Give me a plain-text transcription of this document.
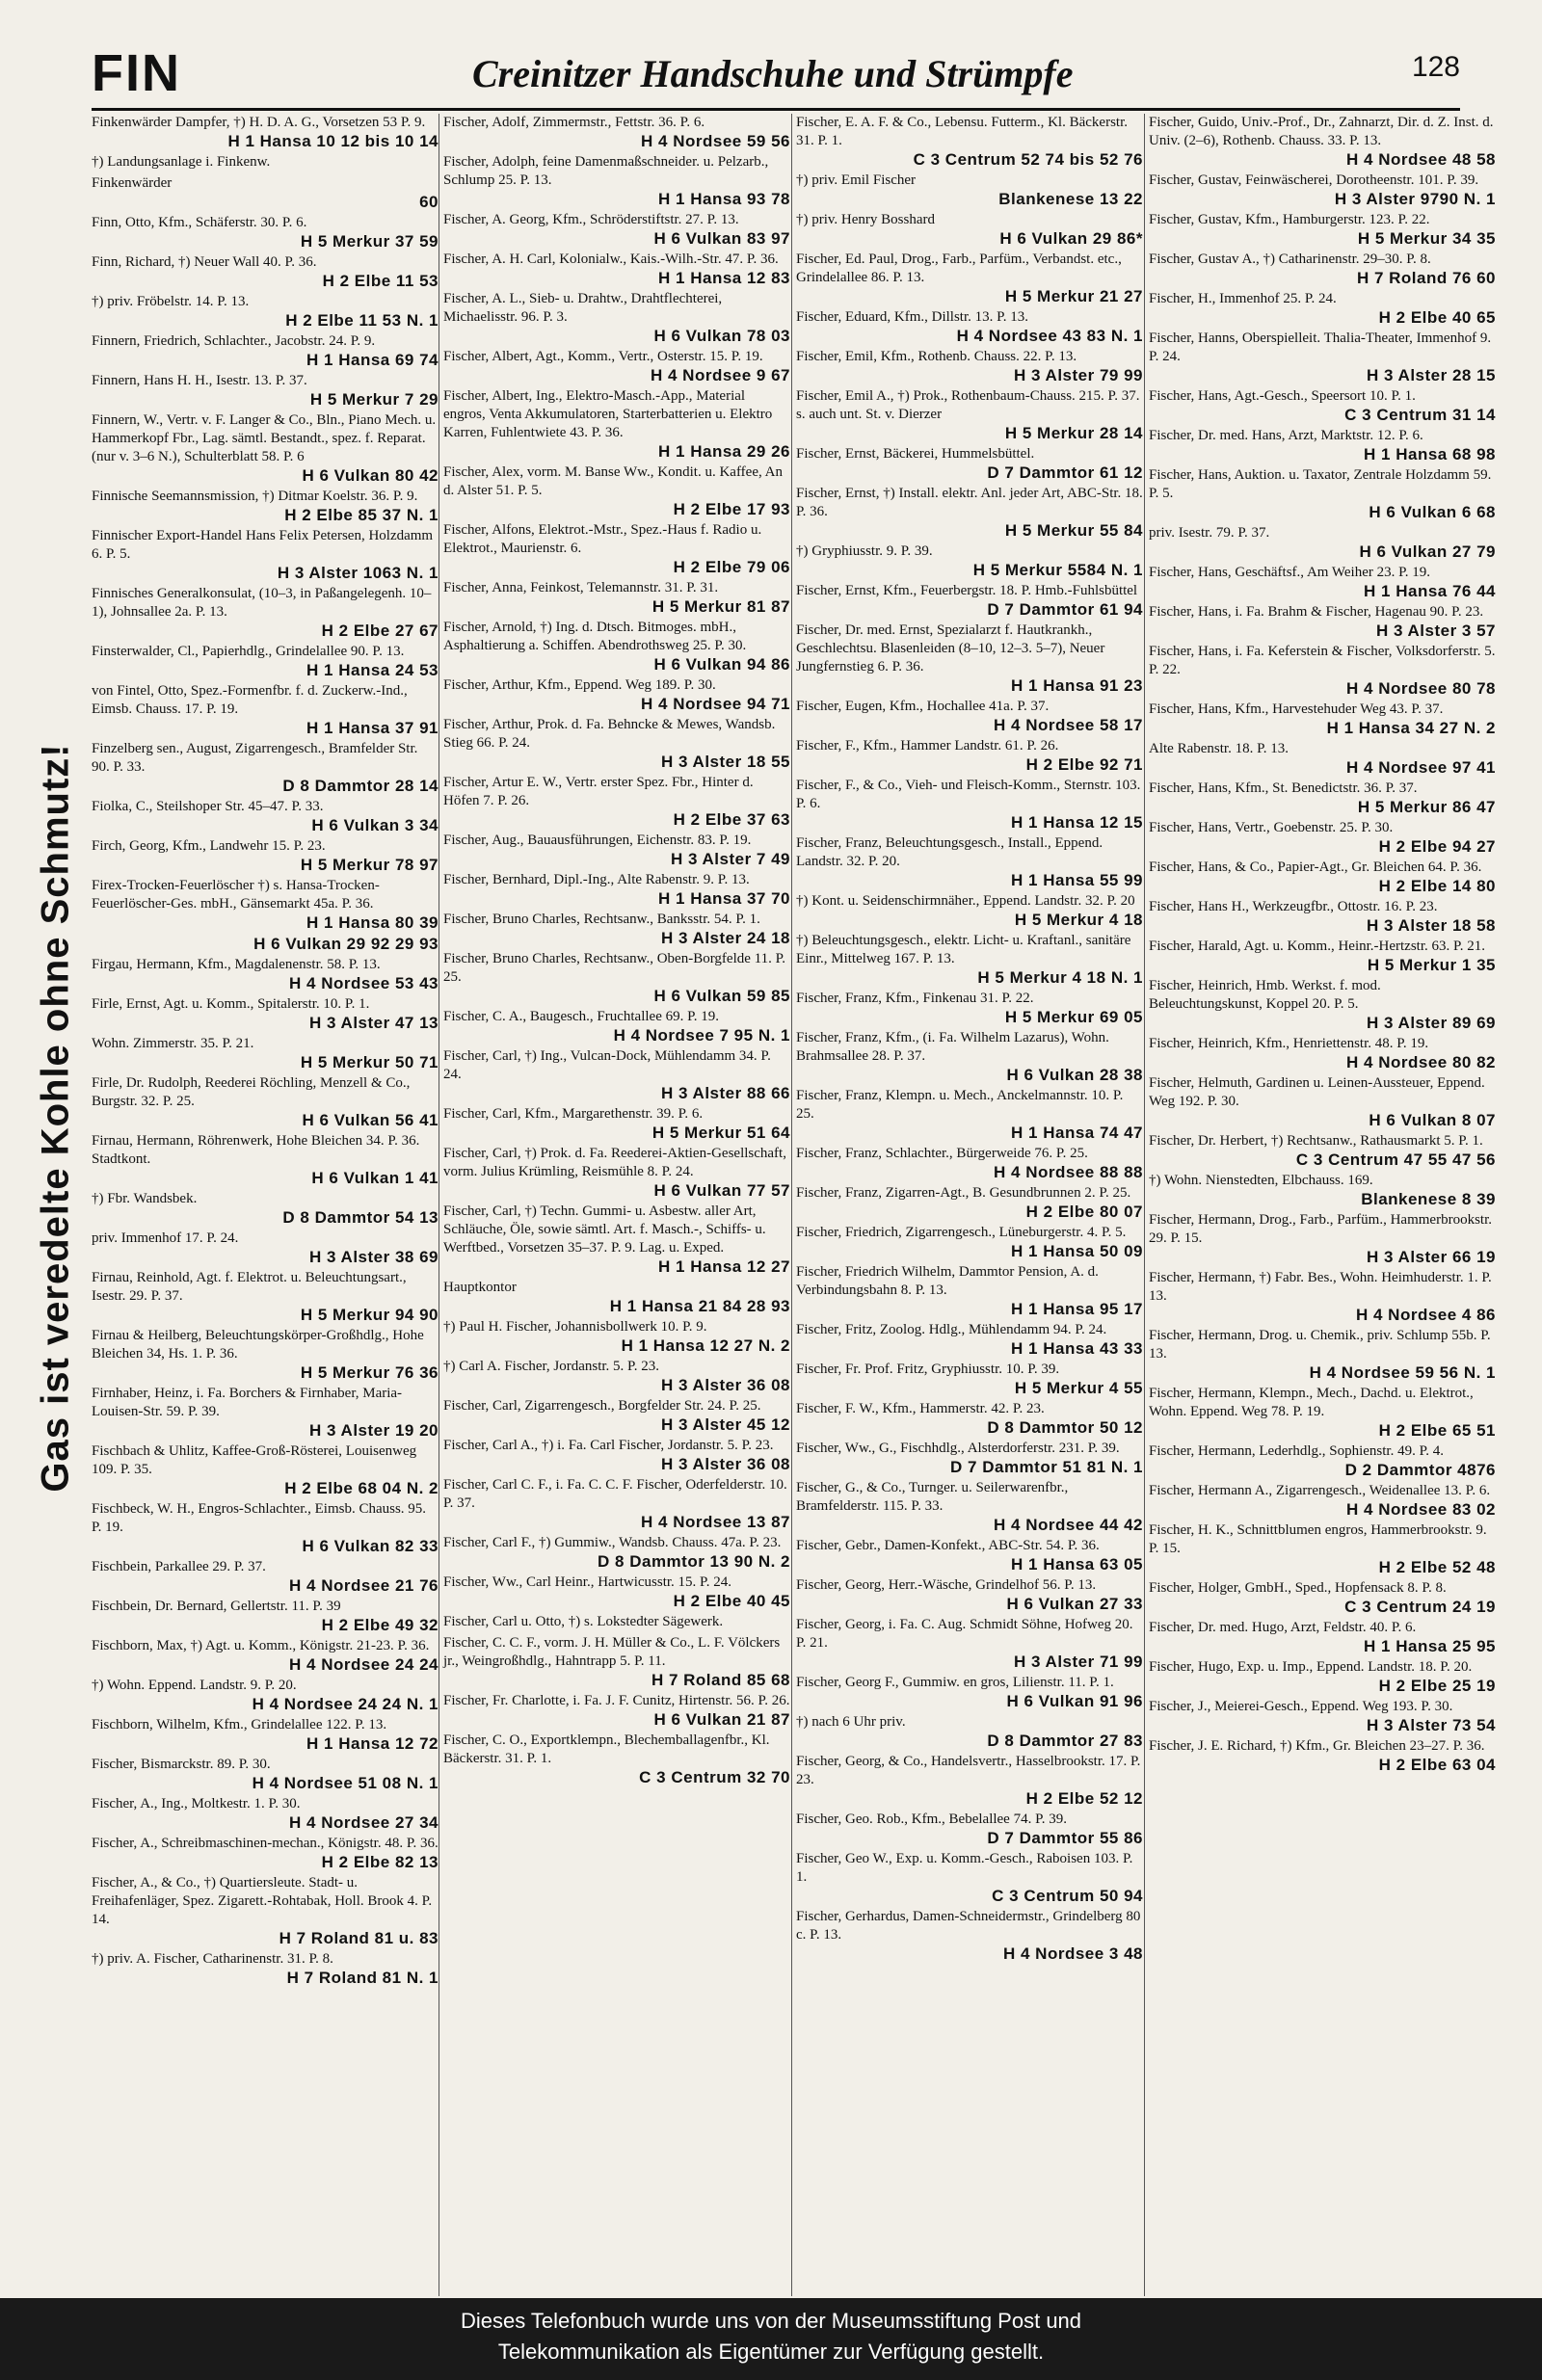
FIN	Creinitzer Handschuhe und Strümpfe	128
Gas ist veredelte Kohle ohne Schmutz!
Finkenwärder Dampfer, †) H. D. A. G., Vorsetzen 53 P. 9.
H 1 Hansa 10 12 bis 10 14
†) Landungsanlage i. Finkenw.
Finkenwärder
60
Finn, Otto, Kfm., Schäferstr. 30. P. 6.
H 5 Merkur 37 59
Finn, Richard, †) Neuer Wall 40. P. 36.
H 2 Elbe 11 53
†) priv. Fröbelstr. 14. P. 13.
H 2 Elbe 11 53 N. 1
Finnern, Friedrich, Schlachter., Jacobstr. 24. P. 9.
H 1 Hansa 69 74
Finnern, Hans H. H., Isestr. 13. P. 37.
H 5 Merkur 7 29
Finnern, W., Vertr. v. F. Langer & Co., Bln., Piano Mech. u. Hammerkopf Fbr., Lag. sämtl. Bestandt., spez. f. Reparat. (nur v. 3–6 N.), Schulterblatt 58. P. 6
H 6 Vulkan 80 42
Finnische Seemannsmission, †) Ditmar Koelstr. 36. P. 9.
H 2 Elbe 85 37 N. 1
Finnischer Export-Handel Hans Felix Petersen, Holzdamm 6. P. 5.
H 3 Alster 1063 N. 1
Finnisches Generalkonsulat, (10–3, in Paßangelegenh. 10–1), Johnsallee 2a. P. 13.
H 2 Elbe 27 67
Finsterwalder, Cl., Papierhdlg., Grindelallee 90. P. 13.
H 1 Hansa 24 53
von Fintel, Otto, Spez.-Formenfbr. f. d. Zuckerw.-Ind., Eimsb. Chauss. 17. P. 19.
H 1 Hansa 37 91
Finzelberg sen., August, Zigarrengesch., Bramfelder Str. 90. P. 33.
D 8 Dammtor 28 14
Fiolka, C., Steilshoper Str. 45–47. P. 33.
H 6 Vulkan 3 34
Firch, Georg, Kfm., Landwehr 15. P. 23.
H 5 Merkur 78 97
Firex-Trocken-Feuerlöscher †) s. Hansa-Trocken-Feuerlöscher-Ges. mbH., Gänsemarkt 45a. P. 36.
H 1 Hansa 80 39
H 6 Vulkan 29 92 29 93
Firgau, Hermann, Kfm., Magdalenenstr. 58. P. 13.
H 4 Nordsee 53 43
Firle, Ernst, Agt. u. Komm., Spitalerstr. 10. P. 1.
H 3 Alster 47 13
Wohn. Zimmerstr. 35. P. 21.
H 5 Merkur 50 71
Firle, Dr. Rudolph, Reederei Röchling, Menzell & Co., Burgstr. 32. P. 25.
H 6 Vulkan 56 41
Firnau, Hermann, Röhrenwerk, Hohe Bleichen 34. P. 36. Stadtkont.
H 6 Vulkan 1 41
†) Fbr. Wandsbek.
D 8 Dammtor 54 13
priv. Immenhof 17. P. 24.
H 3 Alster 38 69
Firnau, Reinhold, Agt. f. Elektrot. u. Beleuchtungsart., Isestr. 29. P. 37.
H 5 Merkur 94 90
Firnau & Heilberg, Beleuchtungskörper-Großhdlg., Hohe Bleichen 34, Hs. 1. P. 36.
H 5 Merkur 76 36
Firnhaber, Heinz, i. Fa. Borchers & Firnhaber, Maria-Louisen-Str. 59. P. 39.
H 3 Alster 19 20
Fischbach & Uhlitz, Kaffee-Groß-Rösterei, Louisenweg 109. P. 35.
H 2 Elbe 68 04 N. 2
Fischbeck, W. H., Engros-Schlachter., Eimsb. Chauss. 95. P. 19.
H 6 Vulkan 82 33
Fischbein, Parkallee 29. P. 37.
H 4 Nordsee 21 76
Fischbein, Dr. Bernard, Gellertstr. 11. P. 39
H 2 Elbe 49 32
Fischborn, Max, †) Agt. u. Komm., Königstr. 21-23. P. 36.
H 4 Nordsee 24 24
†) Wohn. Eppend. Landstr. 9. P. 20.
H 4 Nordsee 24 24 N. 1
Fischborn, Wilhelm, Kfm., Grindelallee 122. P. 13.
H 1 Hansa 12 72
Fischer, Bismarckstr. 89. P. 30.
H 4 Nordsee 51 08 N. 1
Fischer, A., Ing., Moltkestr. 1. P. 30.
H 4 Nordsee 27 34
Fischer, A., Schreibmaschinen-mechan., Königstr. 48. P. 36.
H 2 Elbe 82 13
Fischer, A., & Co., †) Quartiersleute. Stadt- u. Freihafenläger, Spez. Zigarett.-Rohtabak, Holl. Brook 4. P. 14.
H 7 Roland 81 u. 83
†) priv. A. Fischer, Catharinenstr. 31. P. 8.
H 7 Roland 81 N. 1
Fischer, Adolf, Zimmermstr., Fettstr. 36. P. 6.
H 4 Nordsee 59 56
Fischer, Adolph, feine Damenmaßschneider. u. Pelzarb., Schlump 25. P. 13.
H 1 Hansa 93 78
Fischer, A. Georg, Kfm., Schröderstiftstr. 27. P. 13.
H 6 Vulkan 83 97
Fischer, A. H. Carl, Kolonialw., Kais.-Wilh.-Str. 47. P. 36.
H 1 Hansa 12 83
Fischer, A. L., Sieb- u. Drahtw., Drahtflechterei, Michaelisstr. 96. P. 3.
H 6 Vulkan 78 03
Fischer, Albert, Agt., Komm., Vertr., Osterstr. 15. P. 19.
H 4 Nordsee 9 67
Fischer, Albert, Ing., Elektro-Masch.-App., Material engros, Venta Akkumulatoren, Starterbatterien u. Elektro Karren, Fuhlentwiete 43. P. 36.
H 1 Hansa 29 26
Fischer, Alex, vorm. M. Banse Ww., Kondit. u. Kaffee, An d. Alster 51. P. 5.
H 2 Elbe 17 93
Fischer, Alfons, Elektrot.-Mstr., Spez.-Haus f. Radio u. Elektrot., Maurienstr. 6.
H 2 Elbe 79 06
Fischer, Anna, Feinkost, Telemannstr. 31. P. 31.
H 5 Merkur 81 87
Fischer, Arnold, †) Ing. d. Dtsch. Bitmoges. mbH., Asphaltierung a. Schiffen. Abendrothsweg 25. P. 30.
H 6 Vulkan 94 86
Fischer, Arthur, Kfm., Eppend. Weg 189. P. 30.
H 4 Nordsee 94 71
Fischer, Arthur, Prok. d. Fa. Behncke & Mewes, Wandsb. Stieg 66. P. 24.
H 3 Alster 18 55
Fischer, Artur E. W., Vertr. erster Spez. Fbr., Hinter d. Höfen 7. P. 26.
H 2 Elbe 37 63
Fischer, Aug., Bauausführungen, Eichenstr. 83. P. 19.
H 3 Alster 7 49
Fischer, Bernhard, Dipl.-Ing., Alte Rabenstr. 9. P. 13.
H 1 Hansa 37 70
Fischer, Bruno Charles, Rechtsanw., Banksstr. 54. P. 1.
H 3 Alster 24 18
Fischer, Bruno Charles, Rechtsanw., Oben-Borgfelde 11. P. 25.
H 6 Vulkan 59 85
Fischer, C. A., Baugesch., Fruchtallee 69. P. 19.
H 4 Nordsee 7 95 N. 1
Fischer, Carl, †) Ing., Vulcan-Dock, Mühlendamm 34. P. 24.
H 3 Alster 88 66
Fischer, Carl, Kfm., Margarethenstr. 39. P. 6.
H 5 Merkur 51 64
Fischer, Carl, †) Prok. d. Fa. Reederei-Aktien-Gesellschaft, vorm. Julius Krümling, Reismühle 8. P. 24.
H 6 Vulkan 77 57
Fischer, Carl, †) Techn. Gummi- u. Asbestw. aller Art, Schläuche, Öle, sowie sämtl. Art. f. Masch.-, Schiffs- u. Werftbed., Vorsetzen 35–37. P. 9. Lag. u. Exped.
H 1 Hansa 12 27
Hauptkontor
H 1 Hansa 21 84 28 93
†) Paul H. Fischer, Johannisbollwerk 10. P. 9.
H 1 Hansa 12 27 N. 2
†) Carl A. Fischer, Jordanstr. 5. P. 23.
H 3 Alster 36 08
Fischer, Carl, Zigarrengesch., Borgfelder Str. 24. P. 25.
H 3 Alster 45 12
Fischer, Carl A., †) i. Fa. Carl Fischer, Jordanstr. 5. P. 23.
H 3 Alster 36 08
Fischer, Carl C. F., i. Fa. C. C. F. Fischer, Oderfelderstr. 10. P. 37.
H 4 Nordsee 13 87
Fischer, Carl F., †) Gummiw., Wandsb. Chauss. 47a. P. 23.
D 8 Dammtor 13 90 N. 2
Fischer, Ww., Carl Heinr., Hartwicusstr. 15. P. 24.
H 2 Elbe 40 45
Fischer, Carl u. Otto, †) s. Lokstedter Sägewerk.
Fischer, C. C. F., vorm. J. H. Müller & Co., L. F. Völckers jr., Weingroßhdlg., Hahntrapp 5. P. 11.
H 7 Roland 85 68
Fischer, Fr. Charlotte, i. Fa. J. F. Cunitz, Hirtenstr. 56. P. 26.
H 6 Vulkan 21 87
Fischer, C. O., Exportklempn., Blechemballagenfbr., Kl. Bäckerstr. 31. P. 1.
C 3 Centrum 32 70
Fischer, E. A. F. & Co., Lebensu. Futterm., Kl. Bäckerstr. 31. P. 1.
C 3 Centrum 52 74 bis 52 76
†) priv. Emil Fischer
Blankenese 13 22
†) priv. Henry Bosshard
H 6 Vulkan 29 86*
Fischer, Ed. Paul, Drog., Farb., Parfüm., Verbandst. etc., Grindelallee 86. P. 13.
H 5 Merkur 21 27
Fischer, Eduard, Kfm., Dillstr. 13. P. 13.
H 4 Nordsee 43 83 N. 1
Fischer, Emil, Kfm., Rothenb. Chauss. 22. P. 13.
H 3 Alster 79 99
Fischer, Emil A., †) Prok., Rothenbaum-Chauss. 215. P. 37. s. auch unt. St. v. Dierzer
H 5 Merkur 28 14
Fischer, Ernst, Bäckerei, Hummelsbüttel.
D 7 Dammtor 61 12
Fischer, Ernst, †) Install. elektr. Anl. jeder Art, ABC-Str. 18. P. 36.
H 5 Merkur 55 84
†) Gryphiusstr. 9. P. 39.
H 5 Merkur 5584 N. 1
Fischer, Ernst, Kfm., Feuerbergstr. 18. P. Hmb.-Fuhlsbüttel
D 7 Dammtor 61 94
Fischer, Dr. med. Ernst, Spezialarzt f. Hautkrankh., Geschlechtsu. Blasenleiden (8–10, 12–3. 5–7), Neuer Jungfernstieg 6. P. 36.
H 1 Hansa 91 23
Fischer, Eugen, Kfm., Hochallee 41a. P. 37.
H 4 Nordsee 58 17
Fischer, F., Kfm., Hammer Landstr. 61. P. 26.
H 2 Elbe 92 71
Fischer, F., & Co., Vieh- und Fleisch-Komm., Sternstr. 103. P. 6.
H 1 Hansa 12 15
Fischer, Franz, Beleuchtungsgesch., Install., Eppend. Landstr. 32. P. 20.
H 1 Hansa 55 99
†) Kont. u. Seidenschirmnäher., Eppend. Landstr. 32. P. 20
H 5 Merkur 4 18
†) Beleuchtungsgesch., elektr. Licht- u. Kraftanl., sanitäre Einr., Mittelweg 167. P. 13.
H 5 Merkur 4 18 N. 1
Fischer, Franz, Kfm., Finkenau 31. P. 22.
H 5 Merkur 69 05
Fischer, Franz, Kfm., (i. Fa. Wilhelm Lazarus), Wohn. Brahmsallee 28. P. 37.
H 6 Vulkan 28 38
Fischer, Franz, Klempn. u. Mech., Anckelmannstr. 10. P. 25.
H 1 Hansa 74 47
Fischer, Franz, Schlachter., Bürgerweide 76. P. 25.
H 4 Nordsee 88 88
Fischer, Franz, Zigarren-Agt., B. Gesundbrunnen 2. P. 25.
H 2 Elbe 80 07
Fischer, Friedrich, Zigarrengesch., Lüneburgerstr. 4. P. 5.
H 1 Hansa 50 09
Fischer, Friedrich Wilhelm, Dammtor Pension, A. d. Verbindungsbahn 8. P. 13.
H 1 Hansa 95 17
Fischer, Fritz, Zoolog. Hdlg., Mühlendamm 94. P. 24.
H 1 Hansa 43 33
Fischer, Fr. Prof. Fritz, Gryphiusstr. 10. P. 39.
H 5 Merkur 4 55
Fischer, F. W., Kfm., Hammerstr. 42. P. 23.
D 8 Dammtor 50 12
Fischer, Ww., G., Fischhdlg., Alsterdorferstr. 231. P. 39.
D 7 Dammtor 51 81 N. 1
Fischer, G., & Co., Turnger. u. Seilerwarenfbr., Bramfelderstr. 115. P. 33.
H 4 Nordsee 44 42
Fischer, Gebr., Damen-Konfekt., ABC-Str. 54. P. 36.
H 1 Hansa 63 05
Fischer, Georg, Herr.-Wäsche, Grindelhof 56. P. 13.
H 6 Vulkan 27 33
Fischer, Georg, i. Fa. C. Aug. Schmidt Söhne, Hofweg 20. P. 21.
H 3 Alster 71 99
Fischer, Georg F., Gummiw. en gros, Lilienstr. 11. P. 1.
H 6 Vulkan 91 96
†) nach 6 Uhr priv.
D 8 Dammtor 27 83
Fischer, Georg, & Co., Handelsvertr., Hasselbrookstr. 17. P. 23.
H 2 Elbe 52 12
Fischer, Geo. Rob., Kfm., Bebelallee 74. P. 39.
D 7 Dammtor 55 86
Fischer, Geo W., Exp. u. Komm.-Gesch., Raboisen 103. P. 1.
C 3 Centrum 50 94
Fischer, Gerhardus, Damen-Schneidermstr., Grindelberg 80 c. P. 13.
H 4 Nordsee 3 48
Fischer, Guido, Univ.-Prof., Dr., Zahnarzt, Dir. d. Z. Inst. d. Univ. (2–6), Rothenb. Chauss. 33. P. 13.
H 4 Nordsee 48 58
Fischer, Gustav, Feinwäscherei, Dorotheenstr. 101. P. 39.
H 3 Alster 9790 N. 1
Fischer, Gustav, Kfm., Hamburgerstr. 123. P. 22.
H 5 Merkur 34 35
Fischer, Gustav A., †) Catharinenstr. 29–30. P. 8.
H 7 Roland 76 60
Fischer, H., Immenhof 25. P. 24.
H 2 Elbe 40 65
Fischer, Hanns, Oberspielleit. Thalia-Theater, Immenhof 9. P. 24.
H 3 Alster 28 15
Fischer, Hans, Agt.-Gesch., Speersort 10. P. 1.
C 3 Centrum 31 14
Fischer, Dr. med. Hans, Arzt, Marktstr. 12. P. 6.
H 1 Hansa 68 98
Fischer, Hans, Auktion. u. Taxator, Zentrale Holzdamm 59. P. 5.
H 6 Vulkan 6 68
priv. Isestr. 79. P. 37.
H 6 Vulkan 27 79
Fischer, Hans, Geschäftsf., Am Weiher 23. P. 19.
H 1 Hansa 76 44
Fischer, Hans, i. Fa. Brahm & Fischer, Hagenau 90. P. 23.
H 3 Alster 3 57
Fischer, Hans, i. Fa. Keferstein & Fischer, Volksdorferstr. 5. P. 22.
H 4 Nordsee 80 78
Fischer, Hans, Kfm., Harvestehuder Weg 43. P. 37.
H 1 Hansa 34 27 N. 2
Alte Rabenstr. 18. P. 13.
H 4 Nordsee 97 41
Fischer, Hans, Kfm., St. Benedictstr. 36. P. 37.
H 5 Merkur 86 47
Fischer, Hans, Vertr., Goebenstr. 25. P. 30.
H 2 Elbe 94 27
Fischer, Hans, & Co., Papier-Agt., Gr. Bleichen 64. P. 36.
H 2 Elbe 14 80
Fischer, Hans H., Werkzeugfbr., Ottostr. 16. P. 23.
H 3 Alster 18 58
Fischer, Harald, Agt. u. Komm., Heinr.-Hertzstr. 63. P. 21.
H 5 Merkur 1 35
Fischer, Heinrich, Hmb. Werkst. f. mod. Beleuchtungskunst, Koppel 20. P. 5.
H 3 Alster 89 69
Fischer, Heinrich, Kfm., Henriettenstr. 48. P. 19.
H 4 Nordsee 80 82
Fischer, Helmuth, Gardinen u. Leinen-Aussteuer, Eppend. Weg 192. P. 30.
H 6 Vulkan 8 07
Fischer, Dr. Herbert, †) Rechtsanw., Rathausmarkt 5. P. 1.
C 3 Centrum 47 55 47 56
†) Wohn. Nienstedten, Elbchauss. 169.
Blankenese 8 39
Fischer, Hermann, Drog., Farb., Parfüm., Hammerbrookstr. 29. P. 15.
H 3 Alster 66 19
Fischer, Hermann, †) Fabr. Bes., Wohn. Heimhuderstr. 1. P. 13.
H 4 Nordsee 4 86
Fischer, Hermann, Drog. u. Chemik., priv. Schlump 55b. P. 13.
H 4 Nordsee 59 56 N. 1
Fischer, Hermann, Klempn., Mech., Dachd. u. Elektrot., Wohn. Eppend. Weg 78. P. 19.
H 2 Elbe 65 51
Fischer, Hermann, Lederhdlg., Sophienstr. 49. P. 4.
D 2 Dammtor 4876
Fischer, Hermann A., Zigarrengesch., Weidenallee 13. P. 6.
H 4 Nordsee 83 02
Fischer, H. K., Schnittblumen engros, Hammerbrookstr. 9. P. 15.
H 2 Elbe 52 48
Fischer, Holger, GmbH., Sped., Hopfensack 8. P. 8.
C 3 Centrum 24 19
Fischer, Dr. med. Hugo, Arzt, Feldstr. 40. P. 6.
H 1 Hansa 25 95
Fischer, Hugo, Exp. u. Imp., Eppend. Landstr. 18. P. 20.
H 2 Elbe 25 19
Fischer, J., Meierei-Gesch., Eppend. Weg 193. P. 30.
H 3 Alster 73 54
Fischer, J. E. Richard, †) Kfm., Gr. Bleichen 23–27. P. 36.
H 2 Elbe 63 04
Dieses Telefonbuch wurde uns von der Museumsstiftung Post und
Telekommunikation als Eigentümer zur Verfügung gestellt.
